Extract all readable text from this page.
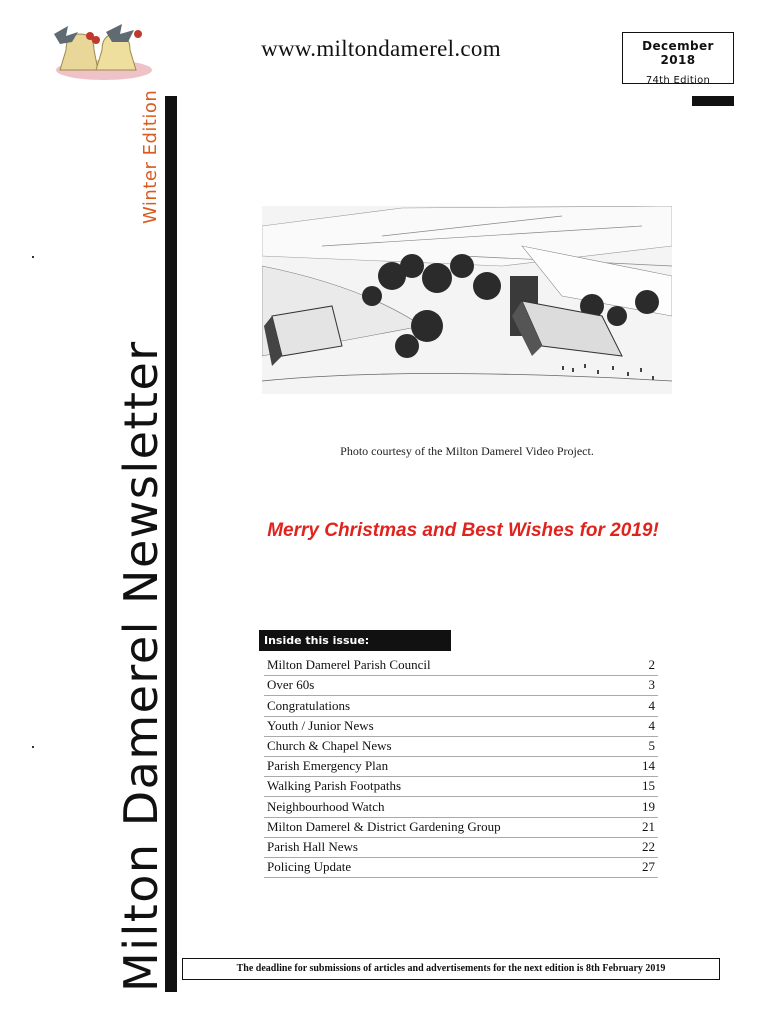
www.miltondamerel.com	December 2018
74th Edition
Winter Edition
Milton Damerel Newsletter	Photo courtesy of the Milton Damerel Video Project.
Merry Christmas and Best Wishes for 2019!
Inside this issue:
Milton Damerel Parish Council	2
Over 60s	3
Congratulations	4
Youth / Junior News	4
Church & Chapel News	5
Parish Emergency Plan	14
Walking Parish Footpaths	15
Neighbourhood Watch	19
Milton Damerel & District Gardening Group	21
Parish Hall News	22
Policing Update	27
The deadline for submissions of articles and advertisements for the next edition is 8th February 2019
